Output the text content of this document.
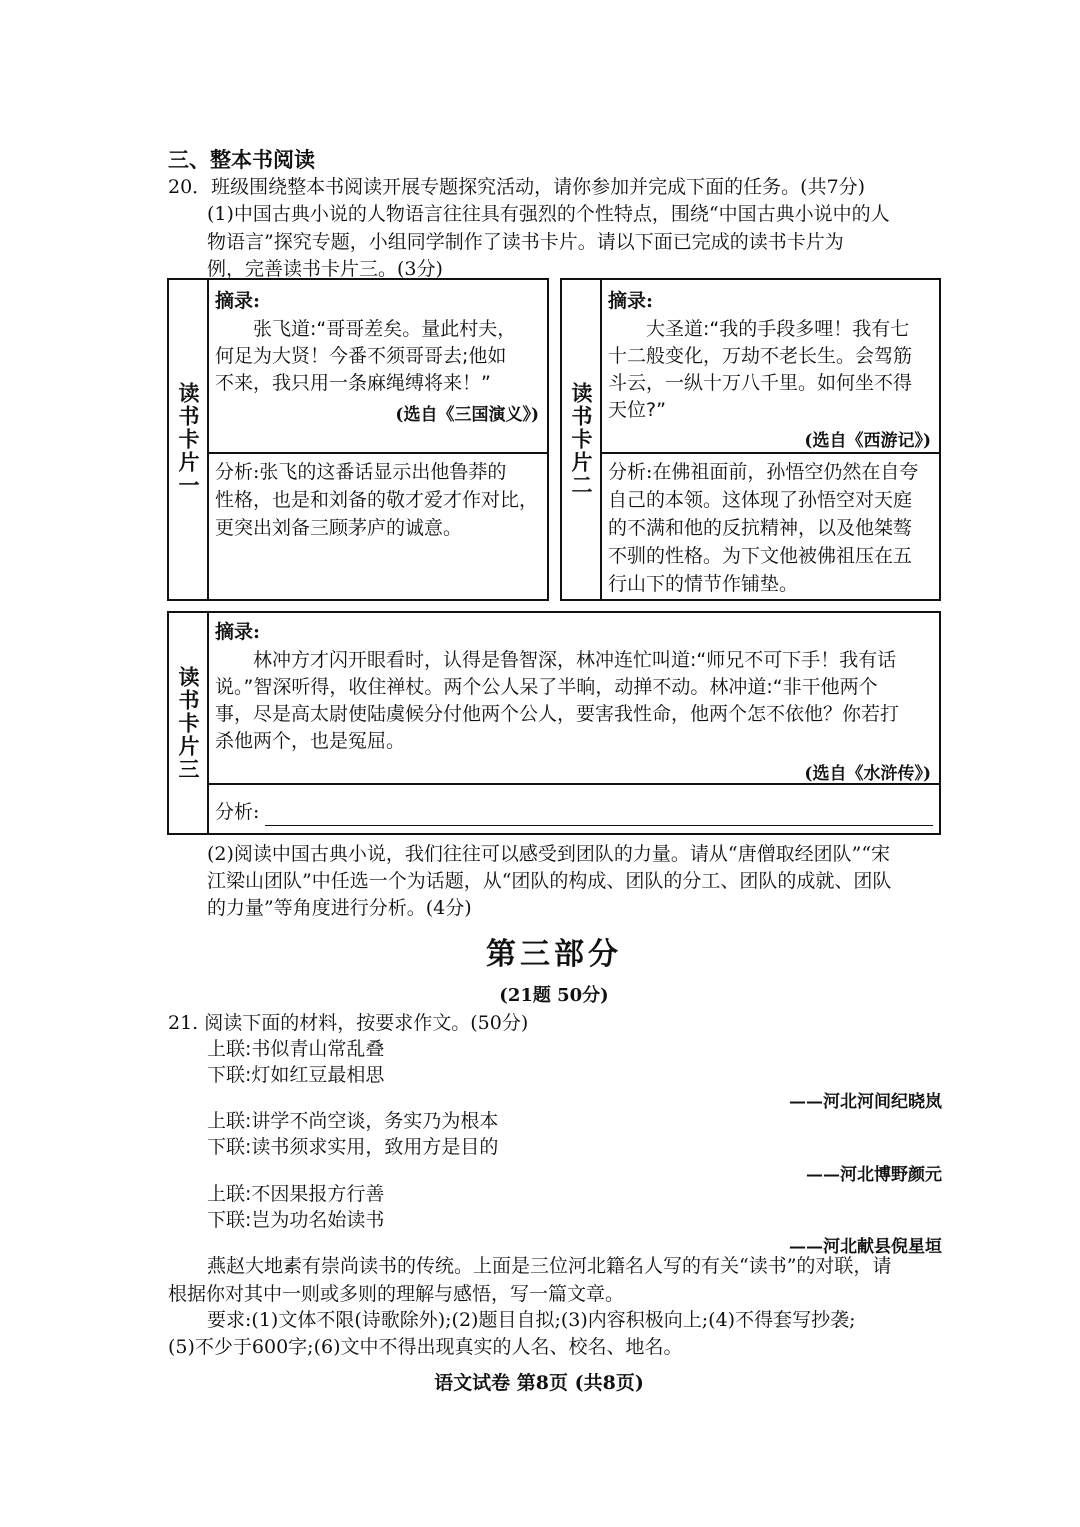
三、整本书阅读
20．班级围绕整本书阅读开展专题探究活动，请你参加并完成下面的任务。(共7分)
(1)中国古典小说的人物语言往往具有强烈的个性特点，围绕“中国古典小说中的人
物语言”探究专题，小组同学制作了读书卡片。请以下面已完成的读书卡片为
例，完善读书卡片三。(3分)
读书卡片一
摘录:
张飞道:“哥哥差矣。量此村夫，
何足为大贤！今番不须哥哥去;他如
不来，我只用一条麻绳缚将来！”
(选自《三国演义》)
分析:张飞的这番话显示出他鲁莽的
性格，也是和刘备的敬才爱才作对比，
更突出刘备三顾茅庐的诚意。
读书卡片二
摘录:
大圣道:“我的手段多哩！我有七
十二般变化，万劫不老长生。会驾筋
斗云，一纵十万八千里。如何坐不得
天位?”
(选自《西游记》)
分析:在佛祖面前，孙悟空仍然在自夸
自己的本领。这体现了孙悟空对天庭
的不满和他的反抗精神，以及他桀骜
不驯的性格。为下文他被佛祖压在五
行山下的情节作铺垫。
读书卡片三
摘录:
林冲方才闪开眼看时，认得是鲁智深，林冲连忙叫道:“师兄不可下手！我有话
说。”智深听得，收住禅杖。两个公人呆了半晌，动掸不动。林冲道:“非干他两个
事，尽是高太尉使陆虞候分付他两个公人，要害我性命，他两个怎不依他？你若打
杀他两个，也是冤屈。
(选自《水浒传》)
分析:
(2)阅读中国古典小说，我们往往可以感受到团队的力量。请从“唐僧取经团队”“宋
江梁山团队”中任选一个为话题，从“团队的构成、团队的分工、团队的成就、团队
的力量”等角度进行分析。(4分)
第三部分
(21题 50分)
21. 阅读下面的材料，按要求作文。(50分)
上联:书似青山常乱叠
下联:灯如红豆最相思
——河北河间纪晓岚
上联:讲学不尚空谈，务实乃为根本
下联:读书须求实用，致用方是目的
——河北博野颜元
上联:不因果报方行善
下联:岂为功名始读书
——河北献县倪星垣
燕赵大地素有崇尚读书的传统。上面是三位河北籍名人写的有关“读书”的对联，请
根据你对其中一则或多则的理解与感悟，写一篇文章。
要求:(1)文体不限(诗歌除外);(2)题目自拟;(3)内容积极向上;(4)不得套写抄袭;
(5)不少于600字;(6)文中不得出现真实的人名、校名、地名。
语文试卷 第8页 (共8页)
